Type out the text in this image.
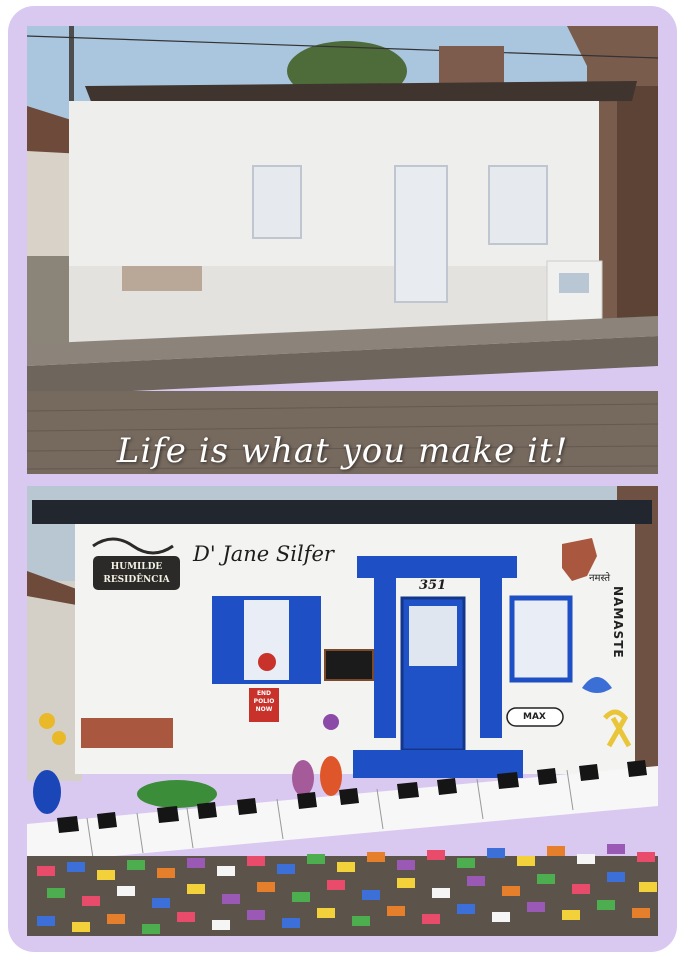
Life is what you make it!
HUMILDE
RESIDÊNCIA
D' Jane Silfer
351
MAX
END
POLIO
NOW
नमस्ते
NAMASTE
